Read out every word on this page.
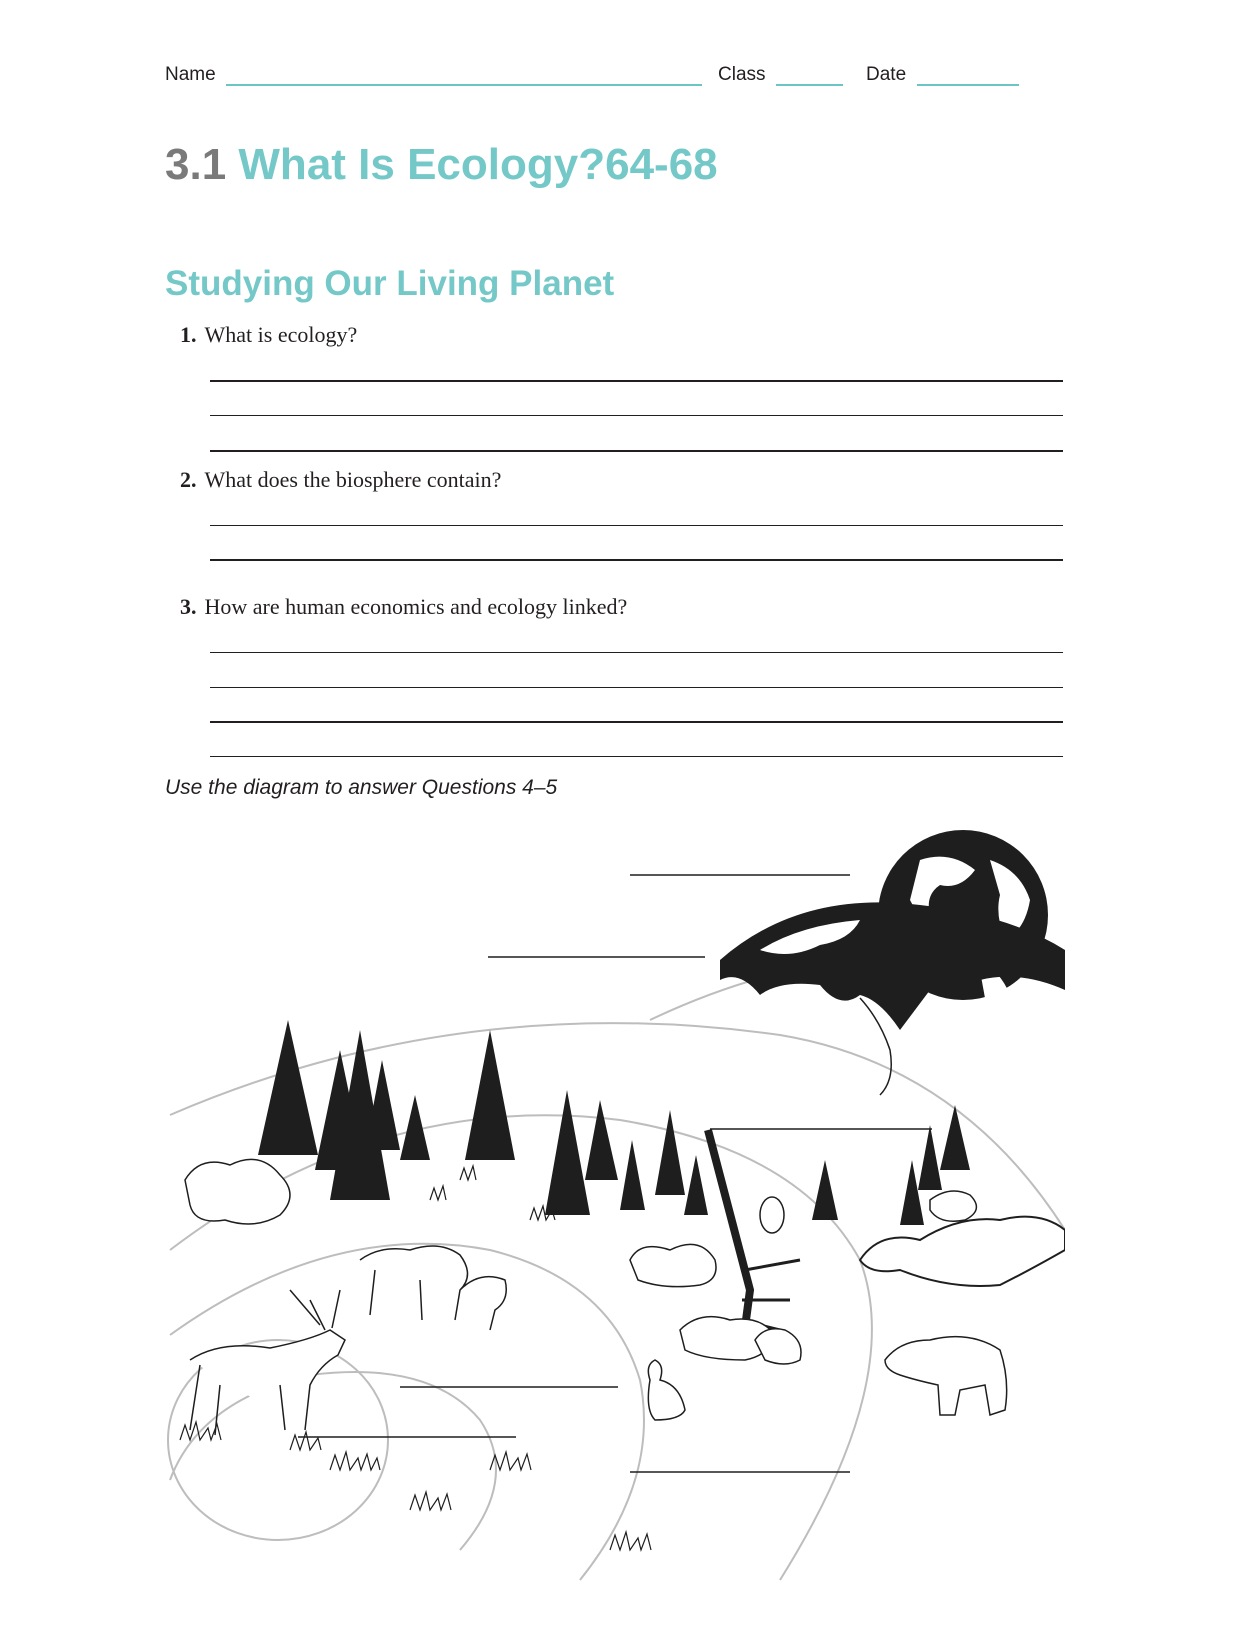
Name	Class	Date
3.1 What Is Ecology?64-68
Studying Our Living Planet
1. What is ecology?
2. What does the biosphere contain?
3. How are human economics and ecology linked?
Use the diagram to answer Questions 4–5
